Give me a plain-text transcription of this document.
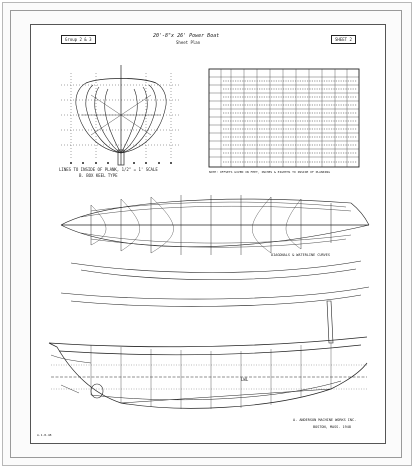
Group 2 & 3
20'-8"x 26' Power Boat
Sheet Plan
SHEET 2
LINES TO INSIDE OF PLANK, 1/2" = 1' SCALE
B. BOX KEEL TYPE
NOTE: OFFSETS GIVEN IN FEET, INCHES & EIGHTHS TO INSIDE OF PLANKING
DIAGONALS & WATERLINE CURVES
LWL
A. ANDERSON MACHINE WORKS INC.
BOSTON, MASS. 1948
A-1-8-48
